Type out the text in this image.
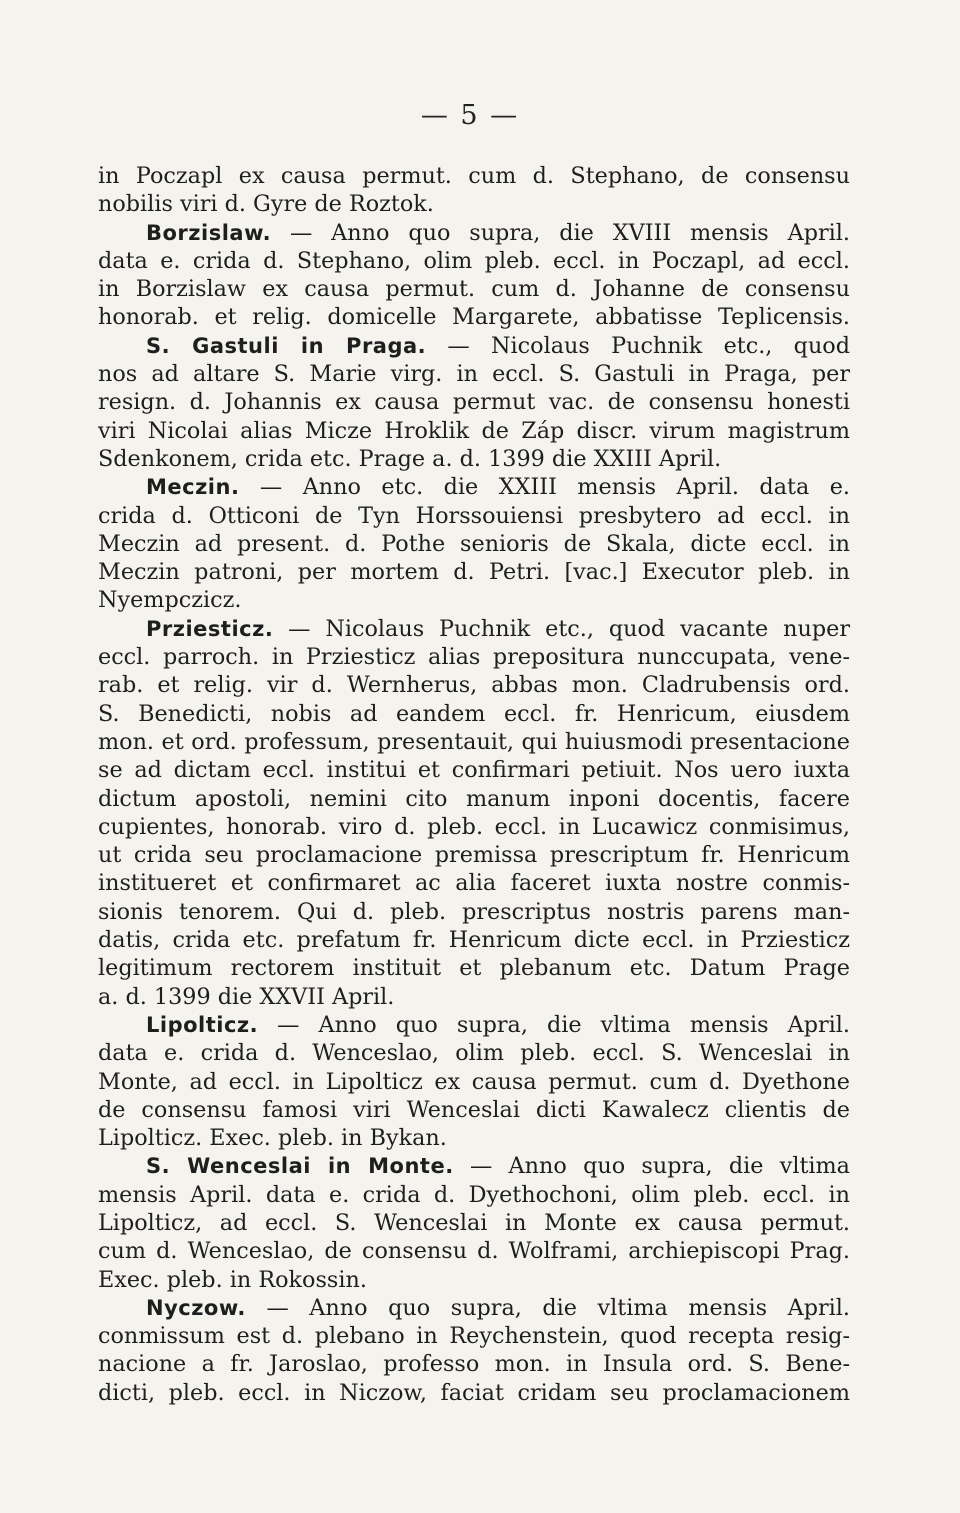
— 5 —
in Poczapl ex causa permut. cum d. Stephano, de consensu
nobilis viri d. Gyre de Roztok.
Borzislaw. — Anno quo supra, die XVIII mensis April.
data e. crida d. Stephano, olim pleb. eccl. in Poczapl, ad eccl.
in Borzislaw ex causa permut. cum d. Johanne de consensu
honorab. et relig. domicelle Margarete, abbatisse Teplicensis.
S. Gastuli in Praga. — Nicolaus Puchnik etc., quod
nos ad altare S. Marie virg. in eccl. S. Gastuli in Praga, per
resign. d. Johannis ex causa permut vac. de consensu honesti
viri Nicolai alias Micze Hroklik de Záp discr. virum magistrum
Sdenkonem, crida etc. Prage a. d. 1399 die XXIII April.
Meczin. — Anno etc. die XXIII mensis April. data e.
crida d. Otticoni de Tyn Horssouiensi presbytero ad eccl. in
Meczin ad present. d. Pothe senioris de Skala, dicte eccl. in
Meczin patroni, per mortem d. Petri. [vac.] Executor pleb. in
Nyempczicz.
Prziesticz. — Nicolaus Puchnik etc., quod vacante nuper
eccl. parroch. in Prziesticz alias prepositura nunccupata, vene-
rab. et relig. vir d. Wernherus, abbas mon. Cladrubensis ord.
S. Benedicti, nobis ad eandem eccl. fr. Henricum, eiusdem
mon. et ord. professum, presentauit, qui huiusmodi presentacione
se ad dictam eccl. institui et confirmari petiuit. Nos uero iuxta
dictum apostoli, nemini cito manum inponi docentis, facere
cupientes, honorab. viro d. pleb. eccl. in Lucawicz conmisimus,
ut crida seu proclamacione premissa prescriptum fr. Henricum
institueret et confirmaret ac alia faceret iuxta nostre conmis-
sionis tenorem. Qui d. pleb. prescriptus nostris parens man-
datis, crida etc. prefatum fr. Henricum dicte eccl. in Prziesticz
legitimum rectorem instituit et plebanum etc. Datum Prage
a. d. 1399 die XXVII April.
Lipolticz. — Anno quo supra, die vltima mensis April.
data e. crida d. Wenceslao, olim pleb. eccl. S. Wenceslai in
Monte, ad eccl. in Lipolticz ex causa permut. cum d. Dyethone
de consensu famosi viri Wenceslai dicti Kawalecz clientis de
Lipolticz. Exec. pleb. in Bykan.
S. Wenceslai in Monte. — Anno quo supra, die vltima
mensis April. data e. crida d. Dyethochoni, olim pleb. eccl. in
Lipolticz, ad eccl. S. Wenceslai in Monte ex causa permut.
cum d. Wenceslao, de consensu d. Wolframi, archiepiscopi Prag.
Exec. pleb. in Rokossin.
Nyczow. — Anno quo supra, die vltima mensis April.
conmissum est d. plebano in Reychenstein, quod recepta resig-
nacione a fr. Jaroslao, professo mon. in Insula ord. S. Bene-
dicti, pleb. eccl. in Niczow, faciat cridam seu proclamacionem
